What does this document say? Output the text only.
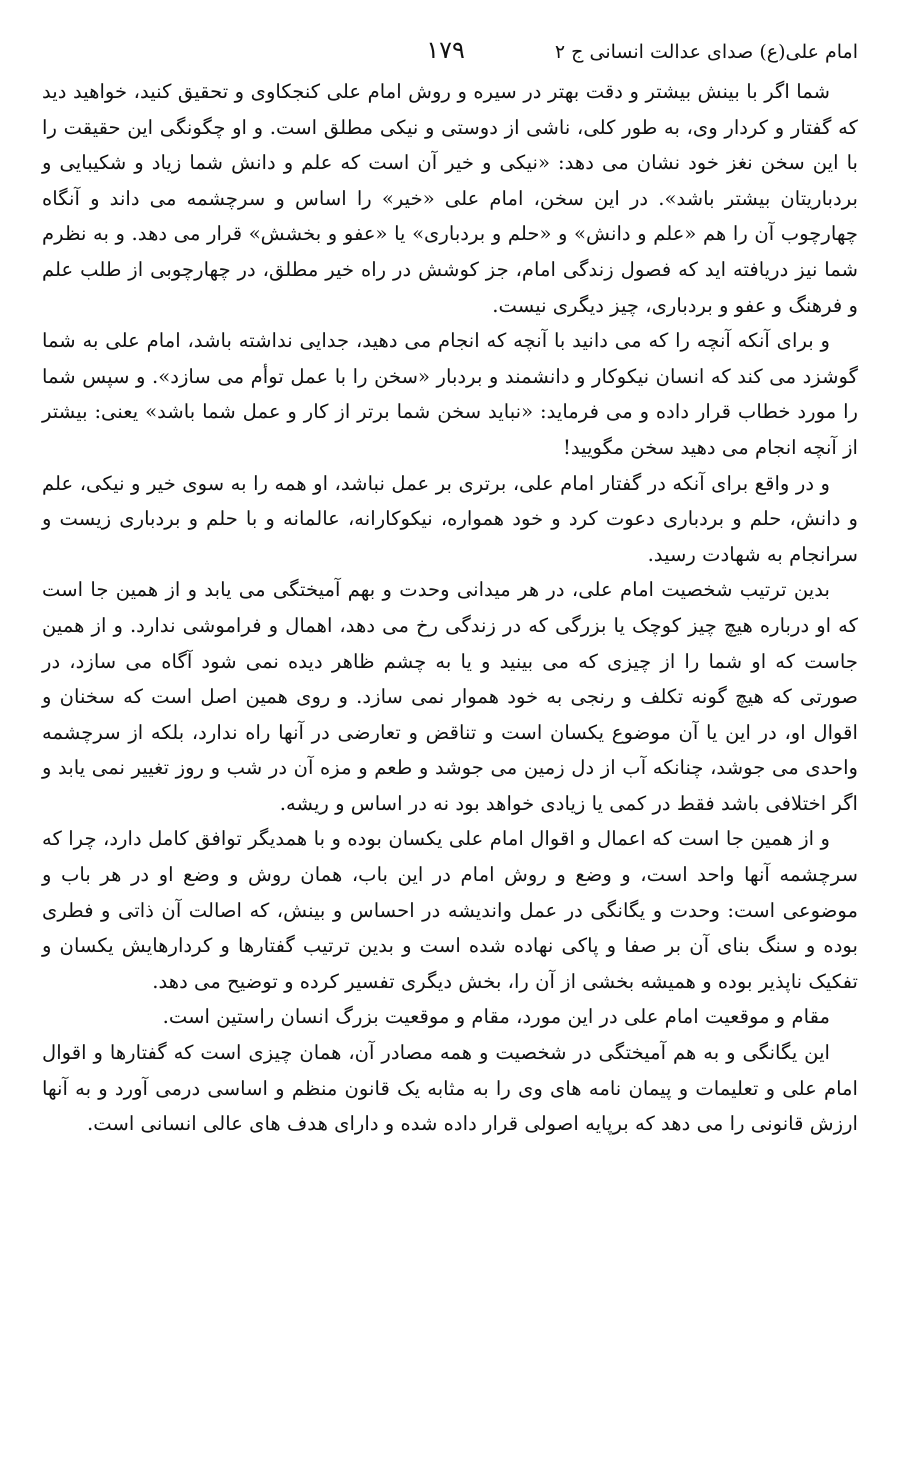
امام علی(ع) صدای عدالت انسانی ج ۲
۱۷۹

شما اگر با بینش بیشتر و دقت بهتر در سیره و روش امام علی کنجکاوی و تحقیق کنید، خواهید دید که گفتار و کردار وی، به طور کلی، ناشی از دوستی و نیکی مطلق است. و او چگونگی این حقیقت را با این سخن نغز خود نشان می دهد: «نیکی و خیر آن است که علم و دانش شما زیاد و شکیبایی و بردباریتان بیشتر باشد». در این سخن، امام علی «خیر» را اساس و سرچشمه می داند و آنگاه چهارچوب آن را هم «علم و دانش» و «حلم و بردباری» یا «عفو و بخشش» قرار می دهد. و به نظرم شما نیز دریافته اید که فصول زندگی امام، جز کوشش در راه خیر مطلق، در چهارچوبی از طلب علم و فرهنگ و عفو و بردباری، چیز دیگری نیست.

و برای آنکه آنچه را که می دانید با آنچه که انجام می دهید، جدایی نداشته باشد، امام علی به شما گوشزد می کند که انسان نیکوکار و دانشمند و بردبار «سخن را با عمل توأم می سازد». و سپس شما را مورد خطاب قرار داده و می فرماید: «نباید سخن شما برتر از کار و عمل شما باشد» یعنی: بیشتر از آنچه انجام می دهید سخن مگویید!

و در واقع برای آنکه در گفتار امام علی، برتری بر عمل نباشد، او همه را به سوی خیر و نیکی، علم و دانش، حلم و بردباری دعوت کرد و خود همواره، نیکوکارانه، عالمانه و با حلم و بردباری زیست و سرانجام به شهادت رسید.

بدین ترتیب شخصیت امام علی، در هر میدانی وحدت و بهم آمیختگی می یابد و از همین جا است که او درباره هیچ چیز کوچک یا بزرگی که در زندگی رخ می دهد، اهمال و فراموشی ندارد. و از همین جاست که او شما را از چیزی که می بینید و یا به چشم ظاهر دیده نمی شود آگاه می سازد، در صورتی که هیچ گونه تکلف و رنجی به خود هموار نمی سازد. و روی همین اصل است که سخنان و اقوال او، در این یا آن موضوع یکسان است و تناقض و تعارضی در آنها راه ندارد، بلکه از سرچشمه واحدی می جوشد، چنانکه آب از دل زمین می جوشد و طعم و مزه آن در شب و روز تغییر نمی یابد و اگر اختلافی باشد فقط در کمی یا زیادی خواهد بود نه در اساس و ریشه.

و از همین جا است که اعمال و اقوال امام علی یکسان بوده و با همدیگر توافق کامل دارد، چرا که سرچشمه آنها واحد است، و وضع و روش امام در این باب، همان روش و وضع او در هر باب و موضوعی است: وحدت و یگانگی در عمل واندیشه در احساس و بینش، که اصالت آن ذاتی و فطری بوده و سنگ بنای آن بر صفا و پاکی نهاده شده است و بدین ترتیب گفتارها و کردارهایش یکسان و تفکیک ناپذیر بوده و همیشه بخشی از آن را، بخش دیگری تفسیر کرده و توضیح می دهد.

مقام و موقعیت امام علی در این مورد، مقام و موقعیت بزرگ انسان راستین است.

این یگانگی و به هم آمیختگی در شخصیت و همه مصادر آن، همان چیزی است که گفتارها و اقوال امام علی و تعلیمات و پیمان نامه های وی را به مثابه یک قانون منظم و اساسی درمی آورد و به آنها ارزش قانونی را می دهد که برپایه اصولی قرار داده شده و دارای هدف های عالی انسانی است.
